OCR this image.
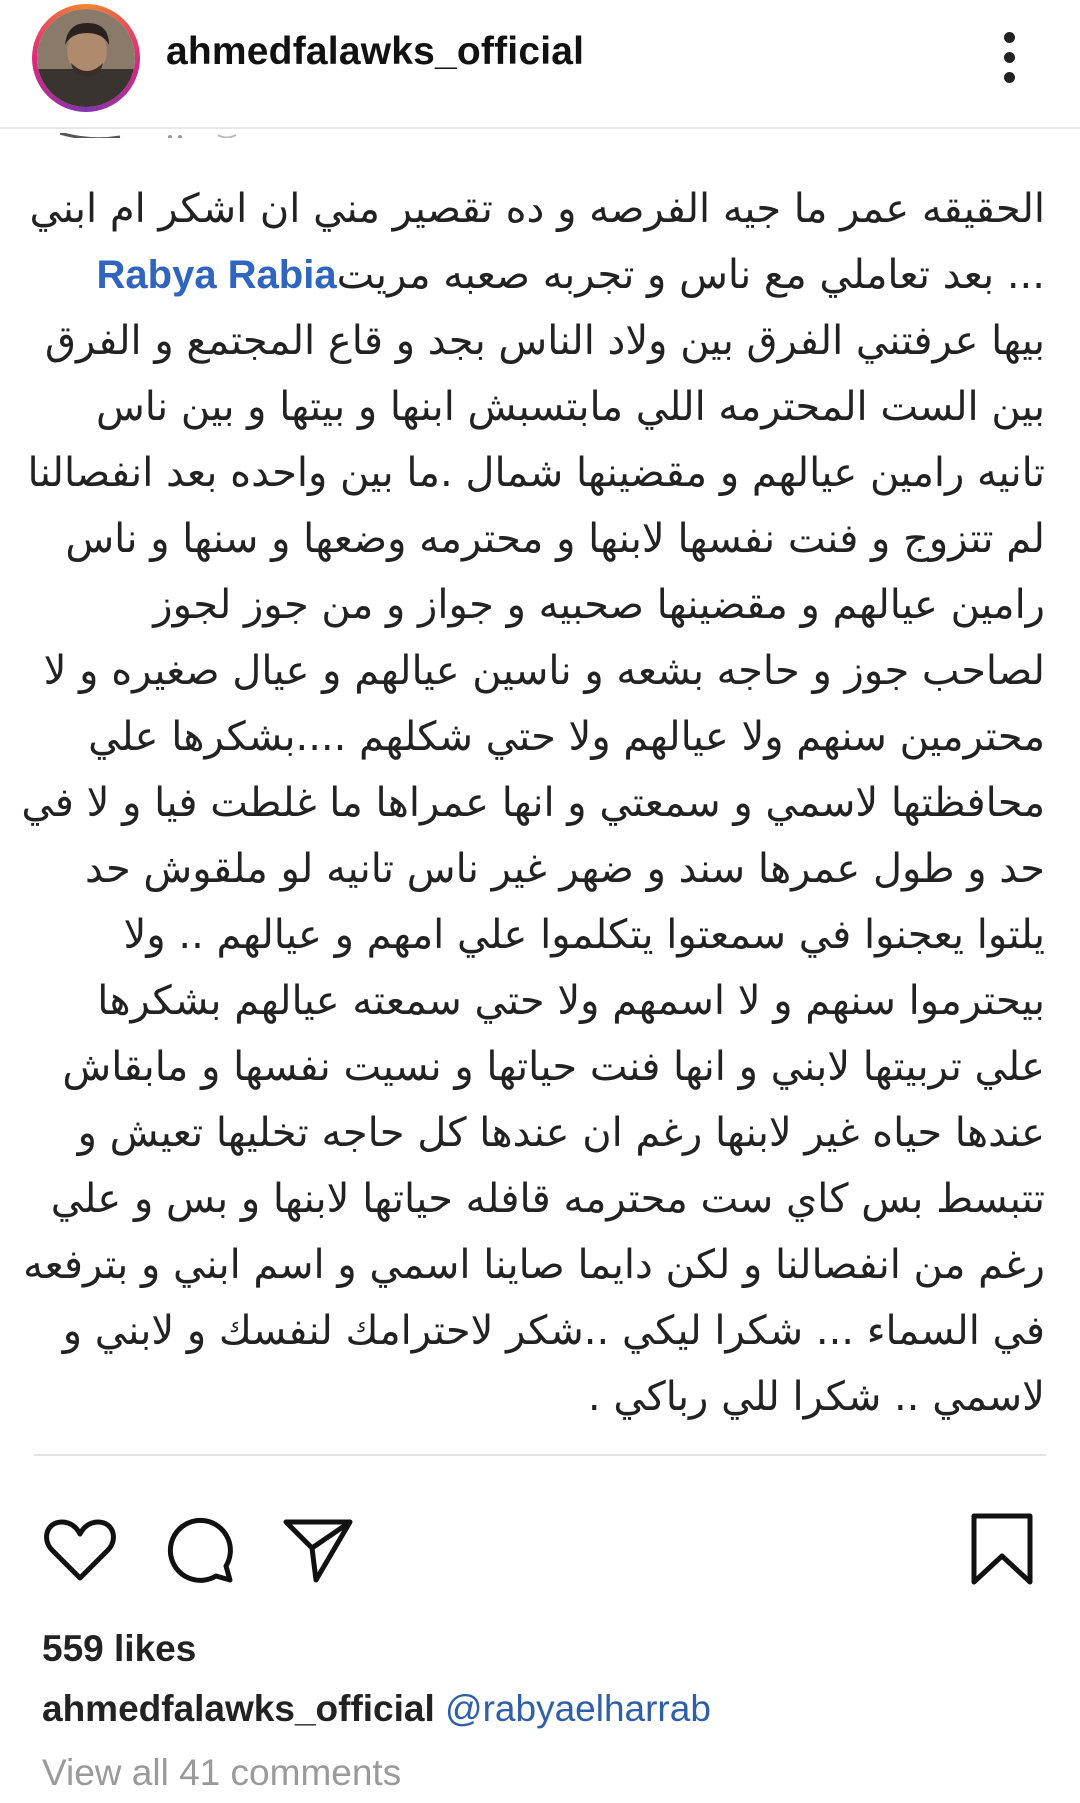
ahmedfalawks_official
الحقيقه عمر ما جيه الفرصه و ده تقصير مني ان اشكر ام ابني
... بعد تعاملي مع ناس و تجربه صعبه مريتRabya Rabia
بيها عرفتني الفرق بين ولاد الناس بجد و قاع المجتمع و الفرق
بين الست المحترمه اللي مابتسبش ابنها و بيتها و بين ناس
تانيه رامين عيالهم و مقضينها شمال .ما بين واحده بعد انفصالنا
لم تتزوج و فنت نفسها لابنها و محترمه وضعها و سنها و ناس
رامين عيالهم و مقضينها صحبيه و جواز و من جوز لجوز
لصاحب جوز و حاجه بشعه و ناسين عيالهم و عيال صغيره و لا
محترمين سنهم ولا عيالهم ولا حتي شكلهم ....بشكرها علي
محافظتها لاسمي و سمعتي و انها عمراها ما غلطت فيا و لا في
حد و طول عمرها سند و ضهر غير ناس تانيه لو ملقوش حد
يلتوا يعجنوا في سمعتوا يتكلموا علي امهم و عيالهم .. ولا
بيحترموا سنهم و لا اسمهم ولا حتي سمعته عيالهم بشكرها
علي تربيتها لابني و انها فنت حياتها و نسيت نفسها و مابقاش
عندها حياه غير لابنها رغم ان عندها كل حاجه تخليها تعيش و
تتبسط بس كاي ست محترمه قافله حياتها لابنها و بس و علي
رغم من انفصالنا و لكن دايما صاينا اسمي و اسم ابني و بترفعه
في السماء ... شكرا ليكي ..شكر لاحترامك لنفسك و لابني و
لاسمي .. شكرا للي رباكي .
559 likes
ahmedfalawks_official @rabyaelharrab
View all 41 comments
